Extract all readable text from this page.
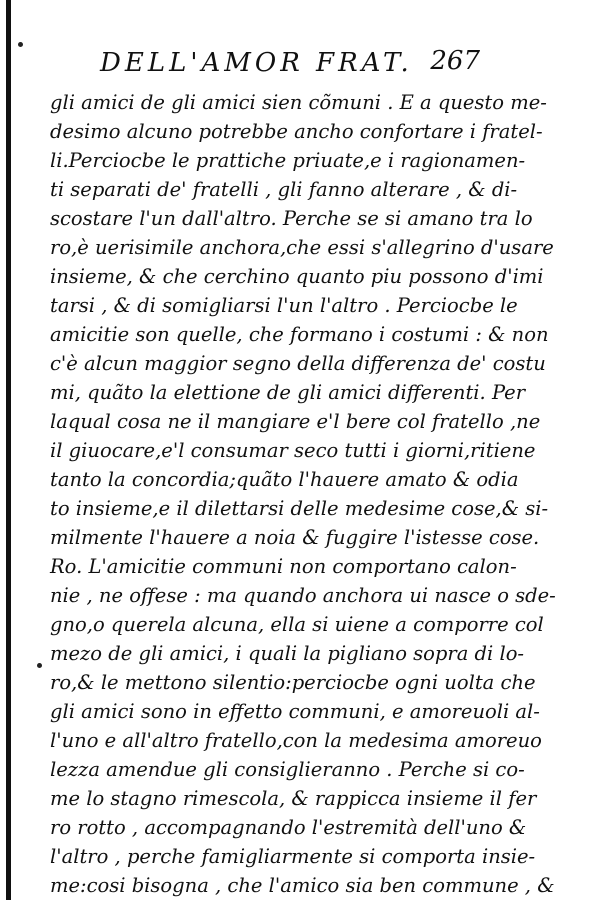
DELL'AMOR FRAT. 267
gli amici de gli amici sien cõmuni . E a questo me-
desimo alcuno potrebbe ancho confortare i fratel-
li.Perciocbe le prattiche priuate,e i ragionamen-
ti separati de' fratelli , gli fanno alterare , & di-
scostare l'un dall'altro. Perche se si amano tra lo
ro,è uerisimile anchora,che essi s'allegrino d'usare
insieme, & che cerchino quanto piu possono d'imi
tarsi , & di somigliarsi l'un l'altro . Perciocbe le
amicitie son quelle, che formano i costumi : & non
c'è alcun maggior segno della differenza de' costu
mi, quãto la elettione de gli amici differenti. Per
laqual cosa ne il mangiare e'l bere col fratello ,ne
il giuocare,e'l consumar seco tutti i giorni,ritiene
tanto la concordia;quãto l'hauere amato & odia
to insieme,e il dilettarsi delle medesime cose,& si-
milmente l'hauere a noia & fuggire l'istesse cose.
Ro. L'amicitie communi non comportano calon-
nie , ne offese : ma quando anchora ui nasce o sde-
gno,o querela alcuna, ella si uiene a comporre col
mezo de gli amici, i quali la pigliano sopra di lo-
ro,& le mettono silentio:perciocbe ogni uolta che
gli amici sono in effetto communi, e amoreuoli al-
l'uno e all'altro fratello,con la medesima amoreuo
lezza amendue gli consiglieranno . Perche si co-
me lo stagno rimescola, & rappicca insieme il fer
ro rotto , accompagnando l'estremità dell'uno &
l'altro , perche famigliarmente si comporta insie-
me:cosi bisogna , che l'amico sia ben commune , &
